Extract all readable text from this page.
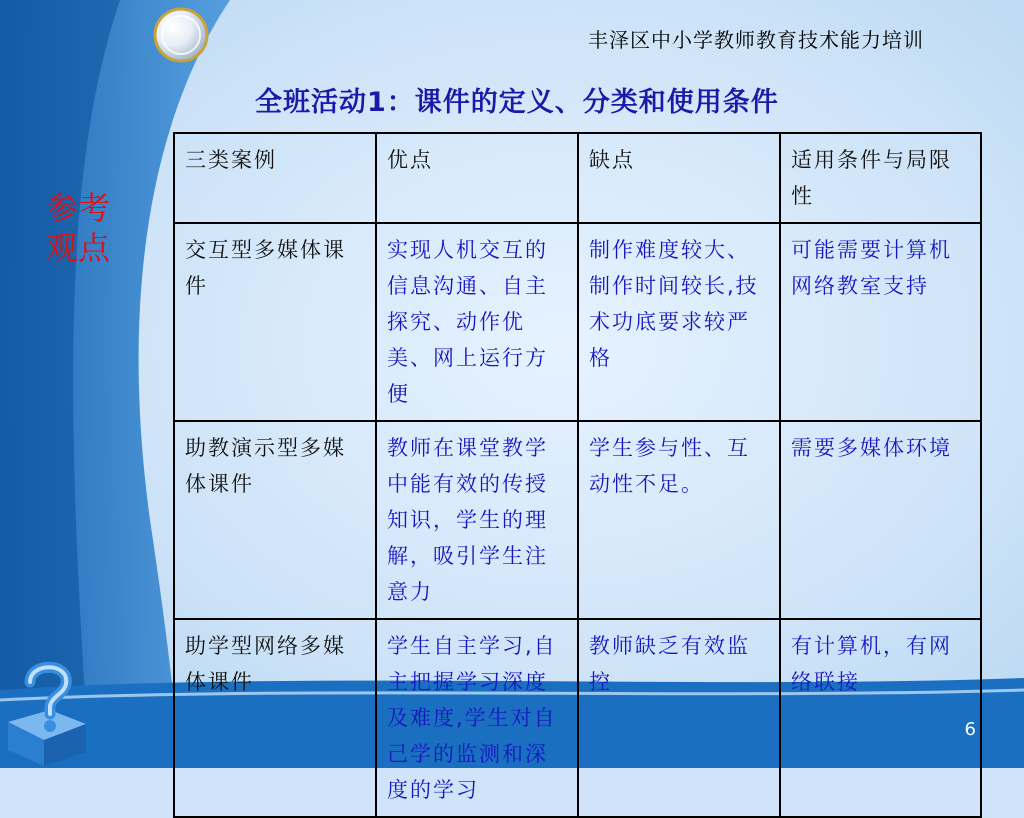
丰泽区中小学教师教育技术能力培训
全班活动1：课件的定义、分类和使用条件
参考
观点
三类案例	优点	缺点	适用条件与局限性
交互型多媒体课件	实现人机交互的信息沟通、自主探究、动作优美、网上运行方便	制作难度较大、制作时间较长,技术功底要求较严格	可能需要计算机网络教室支持
助教演示型多媒体课件	教师在课堂教学中能有效的传授知识，学生的理解，吸引学生注意力	学生参与性、互动性不足。	需要多媒体环境
助学型网络多媒体课件	学生自主学习,自主把握学习深度及难度,学生对自己学的监测和深度的学习	教师缺乏有效监控	有计算机，有网络联接
6
